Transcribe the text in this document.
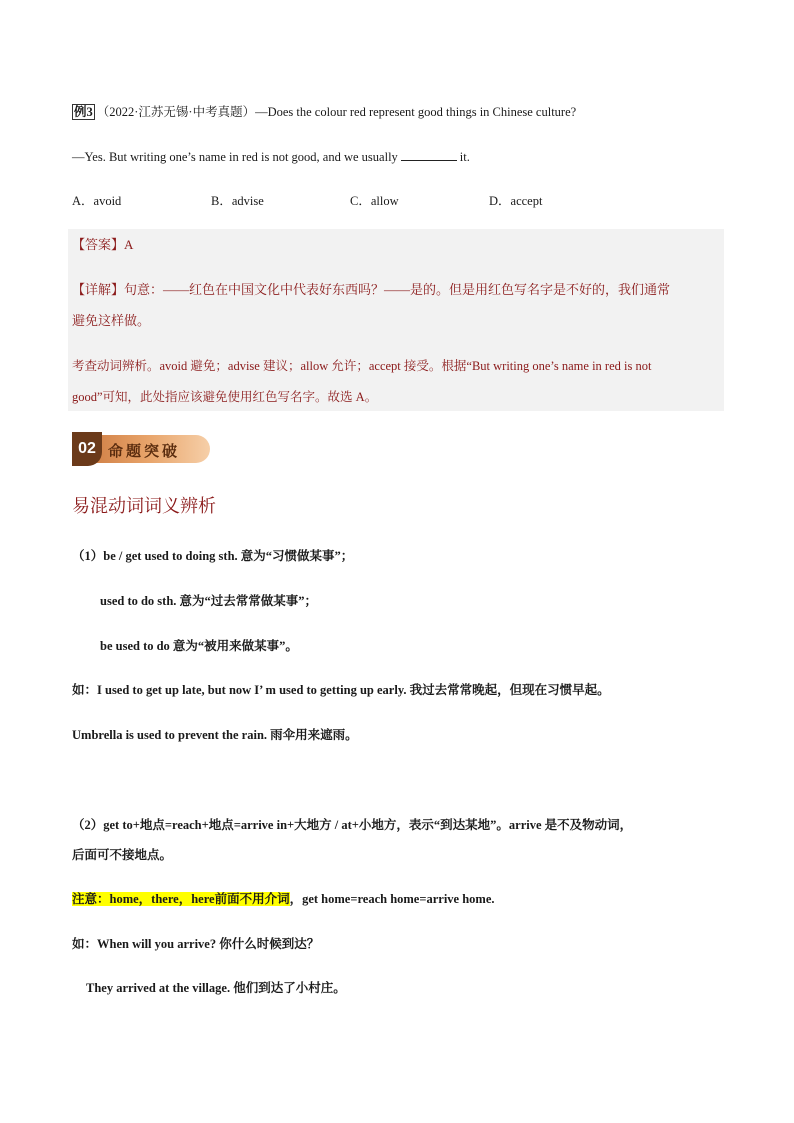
例3 （2022·江苏无锡·中考真题）—Does the colour red represent good things in Chinese culture?
—Yes. But writing one’s name in red is not good, and we usually	it.
A．avoid	B．advise	C．allow	D．accept
【答案】A
【详解】句意：——红色在中国文化中代表好东西吗？——是的。但是用红色写名字是不好的，我们通常
避免这样做。
考查动词辨析。avoid 避免；advise 建议；allow 允许；accept 接受。根据“But writing one’s name in red is not
good”可知，此处指应该避免使用红色写名字。故选 A。
02 命题突破
易混动词词义辨析
（1）be / get used to doing sth. 意为“习惯做某事”；
used to do sth. 意为“过去常常做某事”；
be used to do 意为“被用来做某事”。
如：I used to get up late, but now I’ m used to getting up early. 我过去常常晚起，但现在习惯早起。
Umbrella is used to prevent the rain. 雨伞用来遮雨。
（2）get to+地点=reach+地点=arrive in+大地方 / at+小地方，表示“到达某地”。arrive 是不及物动词，
后面可不接地点。
注意：home，there，here前面不用介词，get home=reach home=arrive home.
如：When will you arrive? 你什么时候到达？
They arrived at the village. 他们到达了小村庄。
